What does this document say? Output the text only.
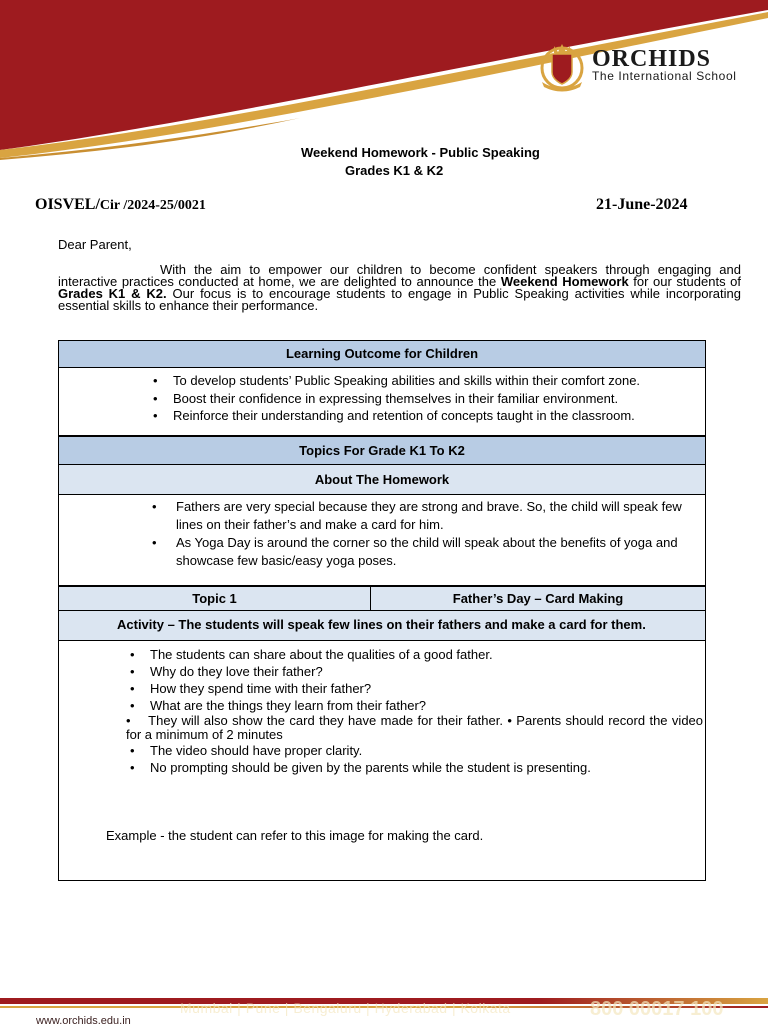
ORCHIDS
The International School
Weekend Homework - Public Speaking
Grades K1 & K2
OISVEL/Cir /2024-25/0021	21-June-2024
Dear Parent,
With the aim to empower our children to become confident speakers through engaging and interactive practices conducted at home, we are delighted to announce the Weekend Homework for our students of Grades K1 & K2. Our focus is to encourage students to engage in Public Speaking activities while incorporating essential skills to enhance their performance.
Learning Outcome for Children
• To develop students’ Public Speaking abilities and skills within their comfort zone.
• Boost their confidence in expressing themselves in their familiar environment.
• Reinforce their understanding and retention of concepts taught in the classroom.
Topics For Grade K1 To K2
About The Homework
• Fathers are very special because they are strong and brave. So, the child will speak few lines on their father’s and make a card for him.
• As Yoga Day is around the corner so the child will speak about the benefits of yoga and showcase few basic/easy yoga poses.
Topic 1	Father’s Day – Card Making
Activity – The students will speak few lines on their fathers and make a card for them.
• The students can share about the qualities of a good father.
• Why do they love their father?
• How they spend time with their father?
• What are the things they learn from their father?
• They will also show the card they have made for their father. • Parents should record the video for a minimum of 2 minutes
• The video should have proper clarity.
• No prompting should be given by the parents while the student is presenting.
Example - the student can refer to this image for making the card.
Mumbai | Pune | Bengaluru | Hyderabad | Kolkata	800 00017 100
www.orchids.edu.in
